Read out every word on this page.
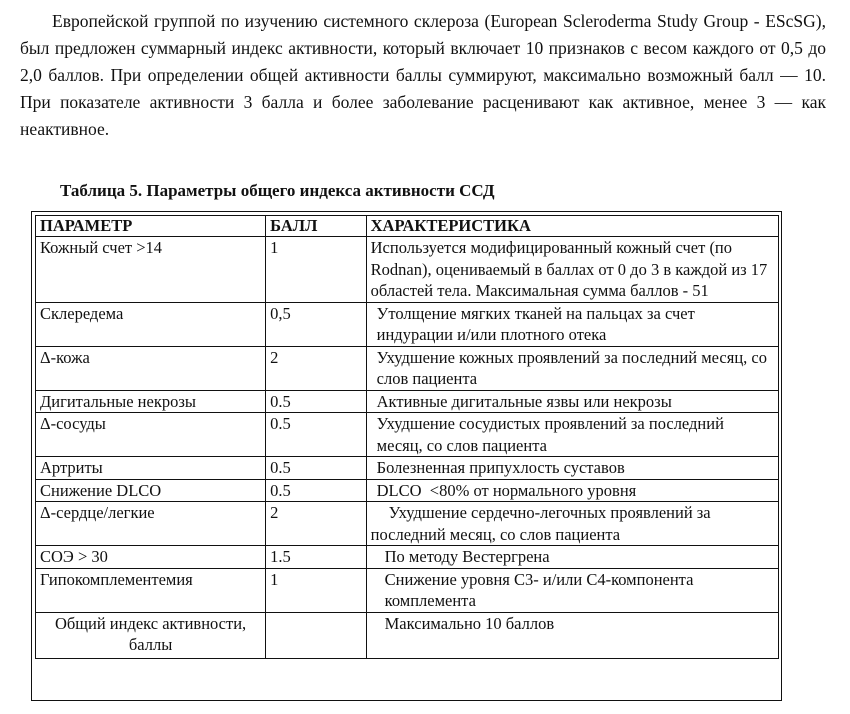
Европейской группой по изучению системного склероза (European Scleroderma Study Group - EScSG), был предложен суммарный индекс активности, который включает 10 признаков с весом каждого от 0,5 до 2,0 баллов. При определении общей активности баллы суммируют, максимально возможный балл — 10. При показателе активности 3 балла и более заболевание расценивают как активное, менее 3 — как неактивное.

Таблица 5. Параметры общего индекса активности ССД
ПАРАМЕТР	БАЛЛ	ХАРАКТЕРИСТИКА
Кожный счет >14	1	Используется модифицированный кожный счет (по Rodnan), оцениваемый в баллах от 0 до 3 в каждой из 17 областей тела. Максимальная сумма баллов - 51
Склередема	0,5	Утолщение мягких тканей на пальцах за счет индурации и/или плотного отека
Δ-кожа	2	Ухудшение кожных проявлений за последний месяц, со слов пациента
Дигитальные некрозы	0.5	Активные дигитальные язвы или некрозы
Δ-сосуды	0.5	Ухудшение сосудистых проявлений за последний месяц, со слов пациента
Артриты	0.5	Болезненная припухлость суставов
Снижение DLCO	0.5	DLCO  <80% от нормального уровня
Δ-сердце/легкие	2	Ухудшение сердечно-легочных проявлений за последний месяц, со слов пациента
СОЭ > 30	1.5	По методу Вестергрена
Гипокомплементемия	1	Снижение уровня С3- и/или С4-компонента комплемента
Общий индекс активности, баллы		Максимально 10 баллов
